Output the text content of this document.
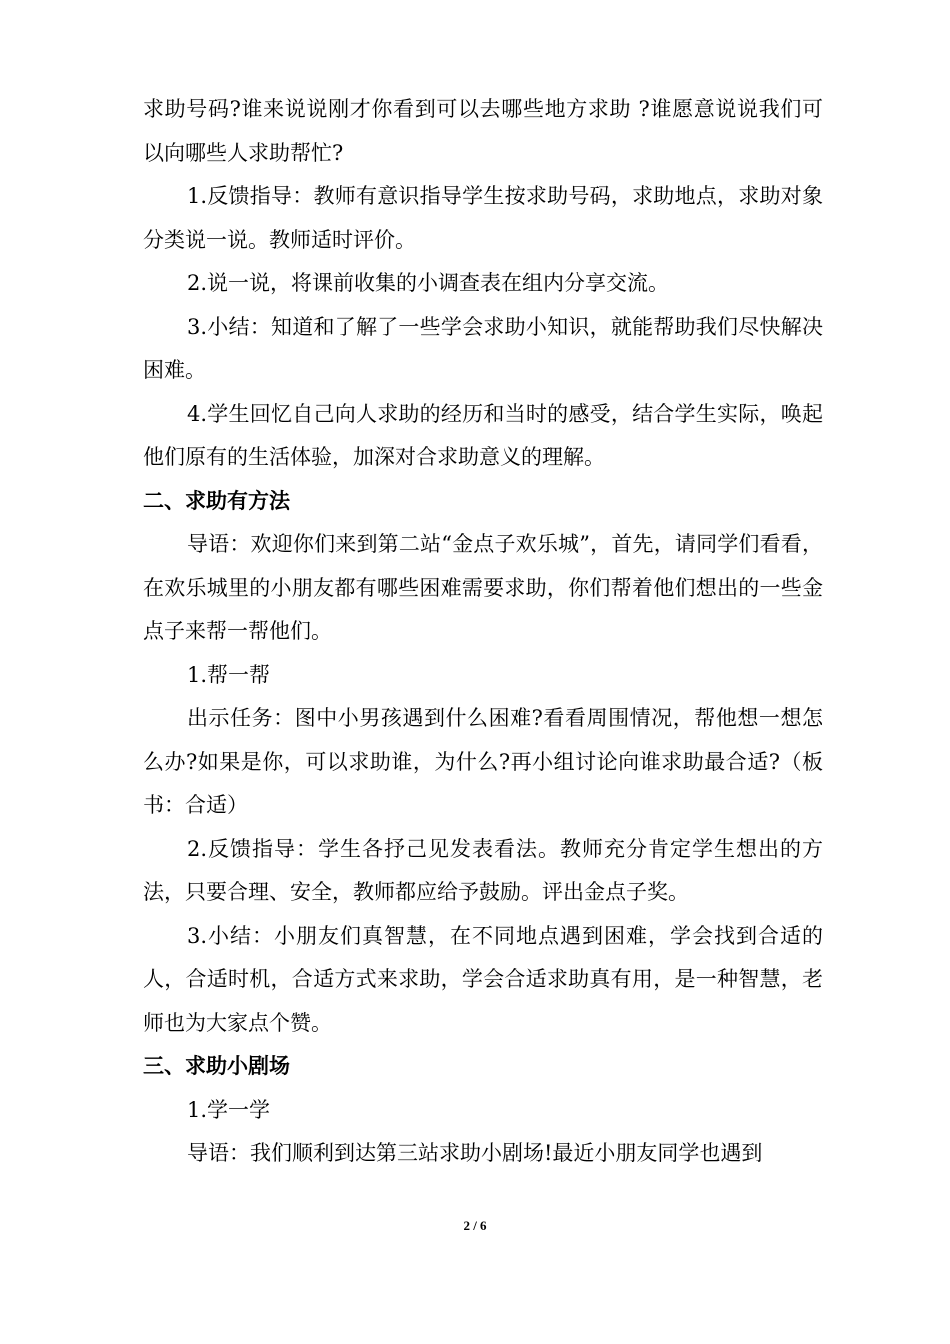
求助号码?谁来说说刚才你看到可以去哪些地方求助 ?谁愿意说说我们可以向哪些人求助帮忙?

1.反馈指导：教师有意识指导学生按求助号码，求助地点，求助对象分类说一说。教师适时评价。

2.说一说，将课前收集的小调查表在组内分享交流。

3.小结：知道和了解了一些学会求助小知识，就能帮助我们尽快解决困难。

4.学生回忆自己向人求助的经历和当时的感受，结合学生实际，唤起他们原有的生活体验，加深对合求助意义的理解。

二、求助有方法

导语：欢迎你们来到第二站“金点子欢乐城”，首先，请同学们看看，在欢乐城里的小朋友都有哪些困难需要求助，你们帮着他们想出的一些金点子来帮一帮他们。

1.帮一帮

出示任务：图中小男孩遇到什么困难?看看周围情况，帮他想一想怎么办?如果是你，可以求助谁，为什么?再小组讨论向谁求助最合适?（板书：合适）

2.反馈指导：学生各抒己见发表看法。教师充分肯定学生想出的方法，只要合理、安全，教师都应给予鼓励。评出金点子奖。

3.小结：小朋友们真智慧，在不同地点遇到困难，学会找到合适的人，合适时机，合适方式来求助，学会合适求助真有用，是一种智慧，老师也为大家点个赞。

三、求助小剧场

1.学一学

导语：我们顺利到达第三站求助小剧场!最近小朋友同学也遇到

2 / 6
